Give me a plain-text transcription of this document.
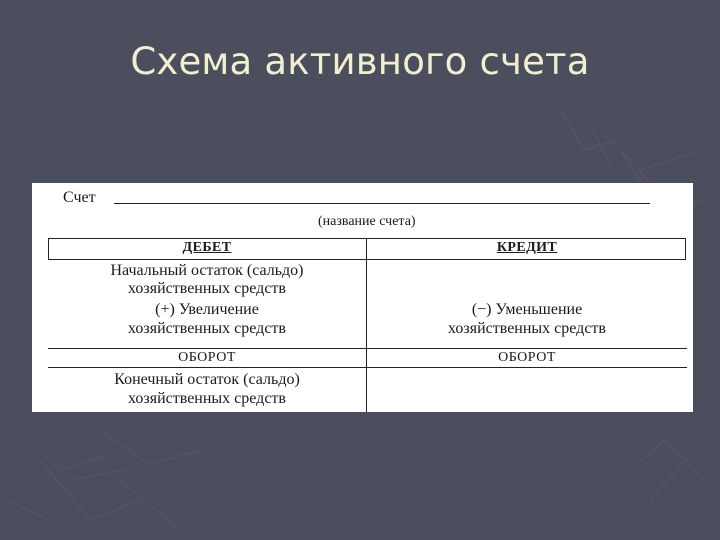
Схема активного счета
Счет
(название счета)
ДЕБЕТ	КРЕДИТ
Начальный остаток (сальдо)
хозяйственных средств
(+) Увеличение
хозяйственных средств
(−) Уменьшение
хозяйственных средств
ОБОРОТ	ОБОРОТ
Конечный остаток (сальдо)
хозяйственных средств
